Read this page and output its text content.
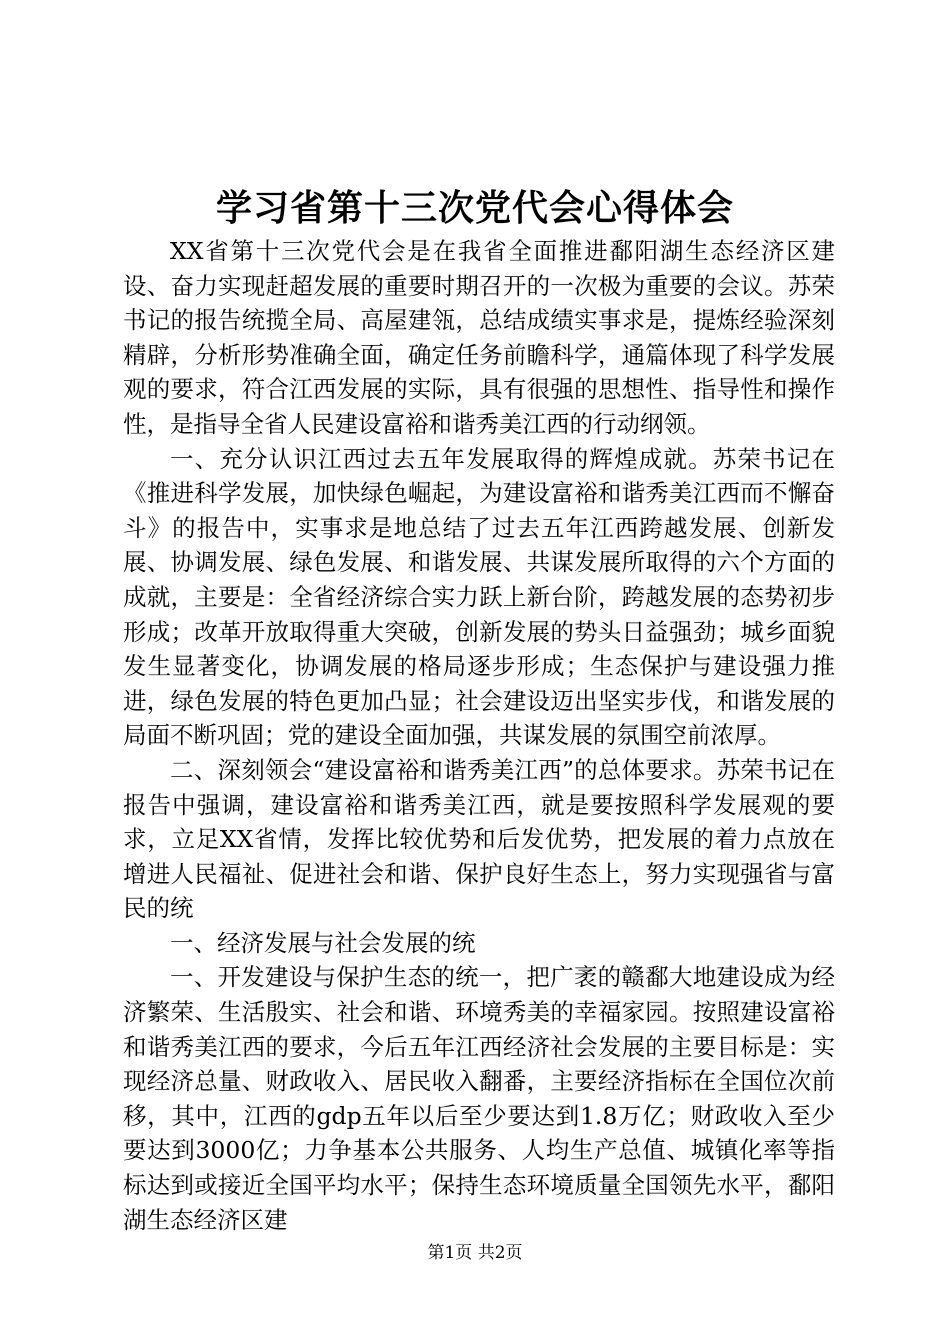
学习省第十三次党代会心得体会

XX省第十三次党代会是在我省全面推进鄱阳湖生态经济区建设、奋力实现赶超发展的重要时期召开的一次极为重要的会议。苏荣书记的报告统揽全局、高屋建瓴，总结成绩实事求是，提炼经验深刻精辟，分析形势准确全面，确定任务前瞻科学，通篇体现了科学发展观的要求，符合江西发展的实际，具有很强的思想性、指导性和操作性，是指导全省人民建设富裕和谐秀美江西的行动纲领。

一、充分认识江西过去五年发展取得的辉煌成就。苏荣书记在《推进科学发展，加快绿色崛起，为建设富裕和谐秀美江西而不懈奋斗》的报告中，实事求是地总结了过去五年江西跨越发展、创新发展、协调发展、绿色发展、和谐发展、共谋发展所取得的六个方面的成就，主要是：全省经济综合实力跃上新台阶，跨越发展的态势初步形成；改革开放取得重大突破，创新发展的势头日益强劲；城乡面貌发生显著变化，协调发展的格局逐步形成；生态保护与建设强力推进，绿色发展的特色更加凸显；社会建设迈出坚实步伐，和谐发展的局面不断巩固；党的建设全面加强，共谋发展的氛围空前浓厚。

二、深刻领会“建设富裕和谐秀美江西”的总体要求。苏荣书记在报告中强调，建设富裕和谐秀美江西，就是要按照科学发展观的要求，立足XX省情，发挥比较优势和后发优势，把发展的着力点放在增进人民福祉、促进社会和谐、保护良好生态上，努力实现强省与富民的统

一、经济发展与社会发展的统

一、开发建设与保护生态的统一，把广袤的赣鄱大地建设成为经济繁荣、生活殷实、社会和谐、环境秀美的幸福家园。按照建设富裕和谐秀美江西的要求，今后五年江西经济社会发展的主要目标是：实现经济总量、财政收入、居民收入翻番，主要经济指标在全国位次前移，其中，江西的gdp五年以后至少要达到1.8万亿；财政收入至少要达到3000亿；力争基本公共服务、人均生产总值、城镇化率等指标达到或接近全国平均水平；保持生态环境质量全国领先水平，鄱阳湖生态经济区建

第1页 共2页
